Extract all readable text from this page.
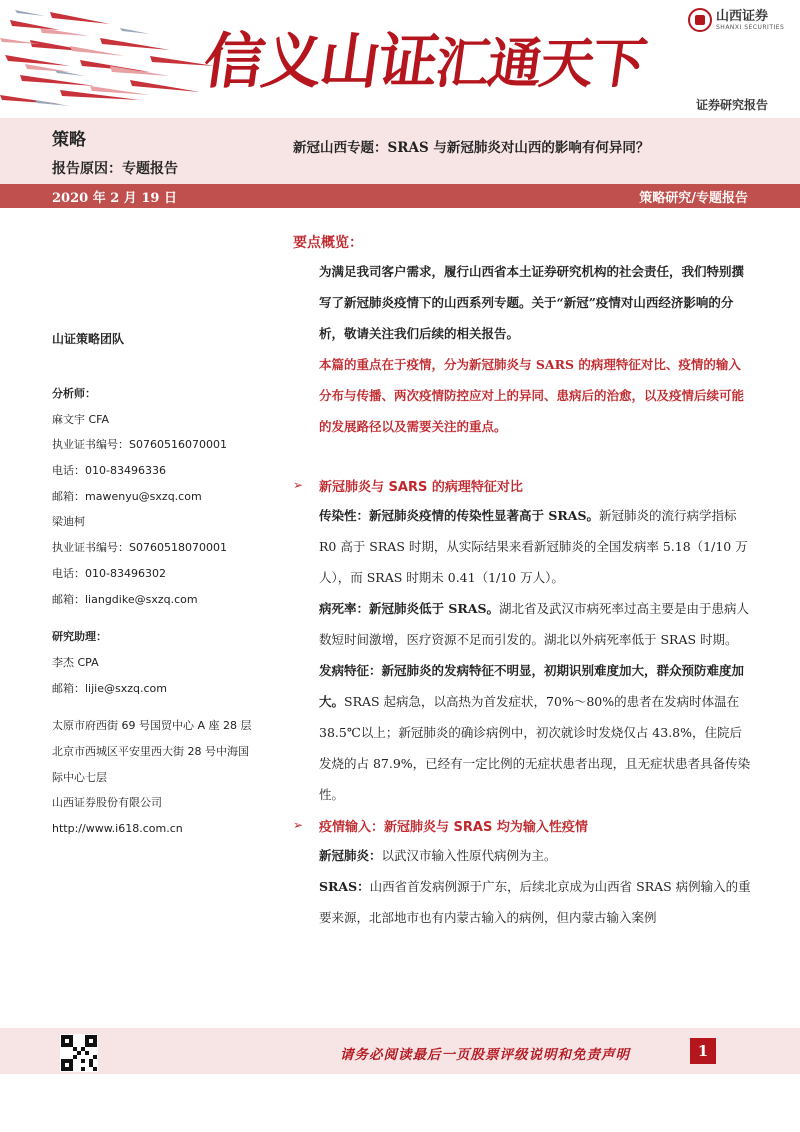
信义山证汇通天下
山西证券
SHANXI SECURITIES
证券研究报告
策略
报告原因：专题报告
新冠山西专题：SRAS 与新冠肺炎对山西的影响有何异同？
2020 年 2 月 19 日	策略研究/专题报告
山证策略团队
分析师：
麻文宇 CFA
执业证书编号：S0760516070001
电话：010-83496336
邮箱：mawenyu@sxzq.com
梁迪柯
执业证书编号：S0760518070001
电话：010-83496302
邮箱：liangdike@sxzq.com
研究助理：
李杰 CPA
邮箱：lijie@sxzq.com
太原市府西街 69 号国贸中心 A 座 28 层
北京市西城区平安里西大街 28 号中海国
际中心七层
山西证券股份有限公司
http://www.i618.com.cn
要点概览：
为满足我司客户需求，履行山西省本土证券研究机构的社会责任，我们特别撰写了新冠肺炎疫情下的山西系列专题。关于“新冠”疫情对山西经济影响的分析，敬请关注我们后续的相关报告。
本篇的重点在于疫情，分为新冠肺炎与 SARS 的病理特征对比、疫情的输入分布与传播、两次疫情防控应对上的异同、患病后的治愈，以及疫情后续可能的发展路径以及需要关注的重点。
➢	新冠肺炎与 SARS 的病理特征对比
传染性：新冠肺炎疫情的传染性显著高于 SRAS。新冠肺炎的流行病学指标 R0 高于 SRAS 时期，从实际结果来看新冠肺炎的全国发病率 5.18（1/10 万人），而 SRAS 时期未 0.41（1/10 万人）。
病死率：新冠肺炎低于 SRAS。湖北省及武汉市病死率过高主要是由于患病人数短时间激增，医疗资源不足而引发的。湖北以外病死率低于 SRAS 时期。
发病特征：新冠肺炎的发病特征不明显，初期识别难度加大，群众预防难度加大。SRAS 起病急，以高热为首发症状，70%～80%的患者在发病时体温在 38.5℃以上；新冠肺炎的确诊病例中，初次就诊时发烧仅占 43.8%，住院后发烧的占 87.9%，已经有一定比例的无症状患者出现，且无症状患者具备传染性。
➢	疫情输入：新冠肺炎与 SRAS 均为输入性疫情
新冠肺炎：以武汉市输入性原代病例为主。
SRAS：山西省首发病例源于广东，后续北京成为山西省 SRAS 病例输入的重要来源，北部地市也有内蒙古输入的病例，但内蒙古输入案例
请务必阅读最后一页股票评级说明和免责声明	1
